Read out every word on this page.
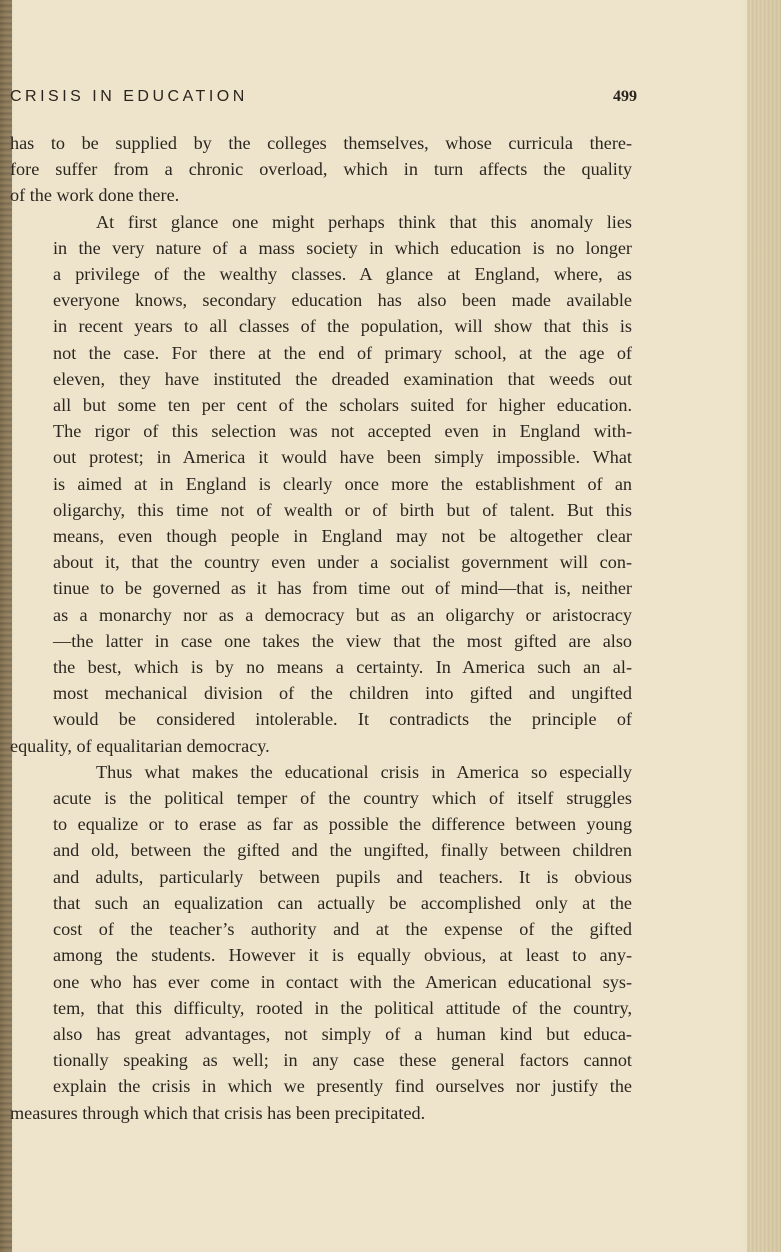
CRISIS IN EDUCATION	499

has to be supplied by the colleges themselves, whose curricula there-
fore suffer from a chronic overload, which in turn affects the quality
of the work done there.

At first glance one might perhaps think that this anomaly lies
in the very nature of a mass society in which education is no longer
a privilege of the wealthy classes. A glance at England, where, as
everyone knows, secondary education has also been made available
in recent years to all classes of the population, will show that this is
not the case. For there at the end of primary school, at the age of
eleven, they have instituted the dreaded examination that weeds out
all but some ten per cent of the scholars suited for higher education.
The rigor of this selection was not accepted even in England with-
out protest; in America it would have been simply impossible. What
is aimed at in England is clearly once more the establishment of an
oligarchy, this time not of wealth or of birth but of talent. But this
means, even though people in England may not be altogether clear
about it, that the country even under a socialist government will con-
tinue to be governed as it has from time out of mind—that is, neither
as a monarchy nor as a democracy but as an oligarchy or aristocracy
—the latter in case one takes the view that the most gifted are also
the best, which is by no means a certainty. In America such an al-
most mechanical division of the children into gifted and ungifted
would be considered intolerable. It contradicts the principle of
equality, of equalitarian democracy.

Thus what makes the educational crisis in America so especially
acute is the political temper of the country which of itself struggles
to equalize or to erase as far as possible the difference between young
and old, between the gifted and the ungifted, finally between children
and adults, particularly between pupils and teachers. It is obvious
that such an equalization can actually be accomplished only at the
cost of the teacher’s authority and at the expense of the gifted
among the students. However it is equally obvious, at least to any-
one who has ever come in contact with the American educational sys-
tem, that this difficulty, rooted in the political attitude of the country,
also has great advantages, not simply of a human kind but educa-
tionally speaking as well; in any case these general factors cannot
explain the crisis in which we presently find ourselves nor justify the
measures through which that crisis has been precipitated.
